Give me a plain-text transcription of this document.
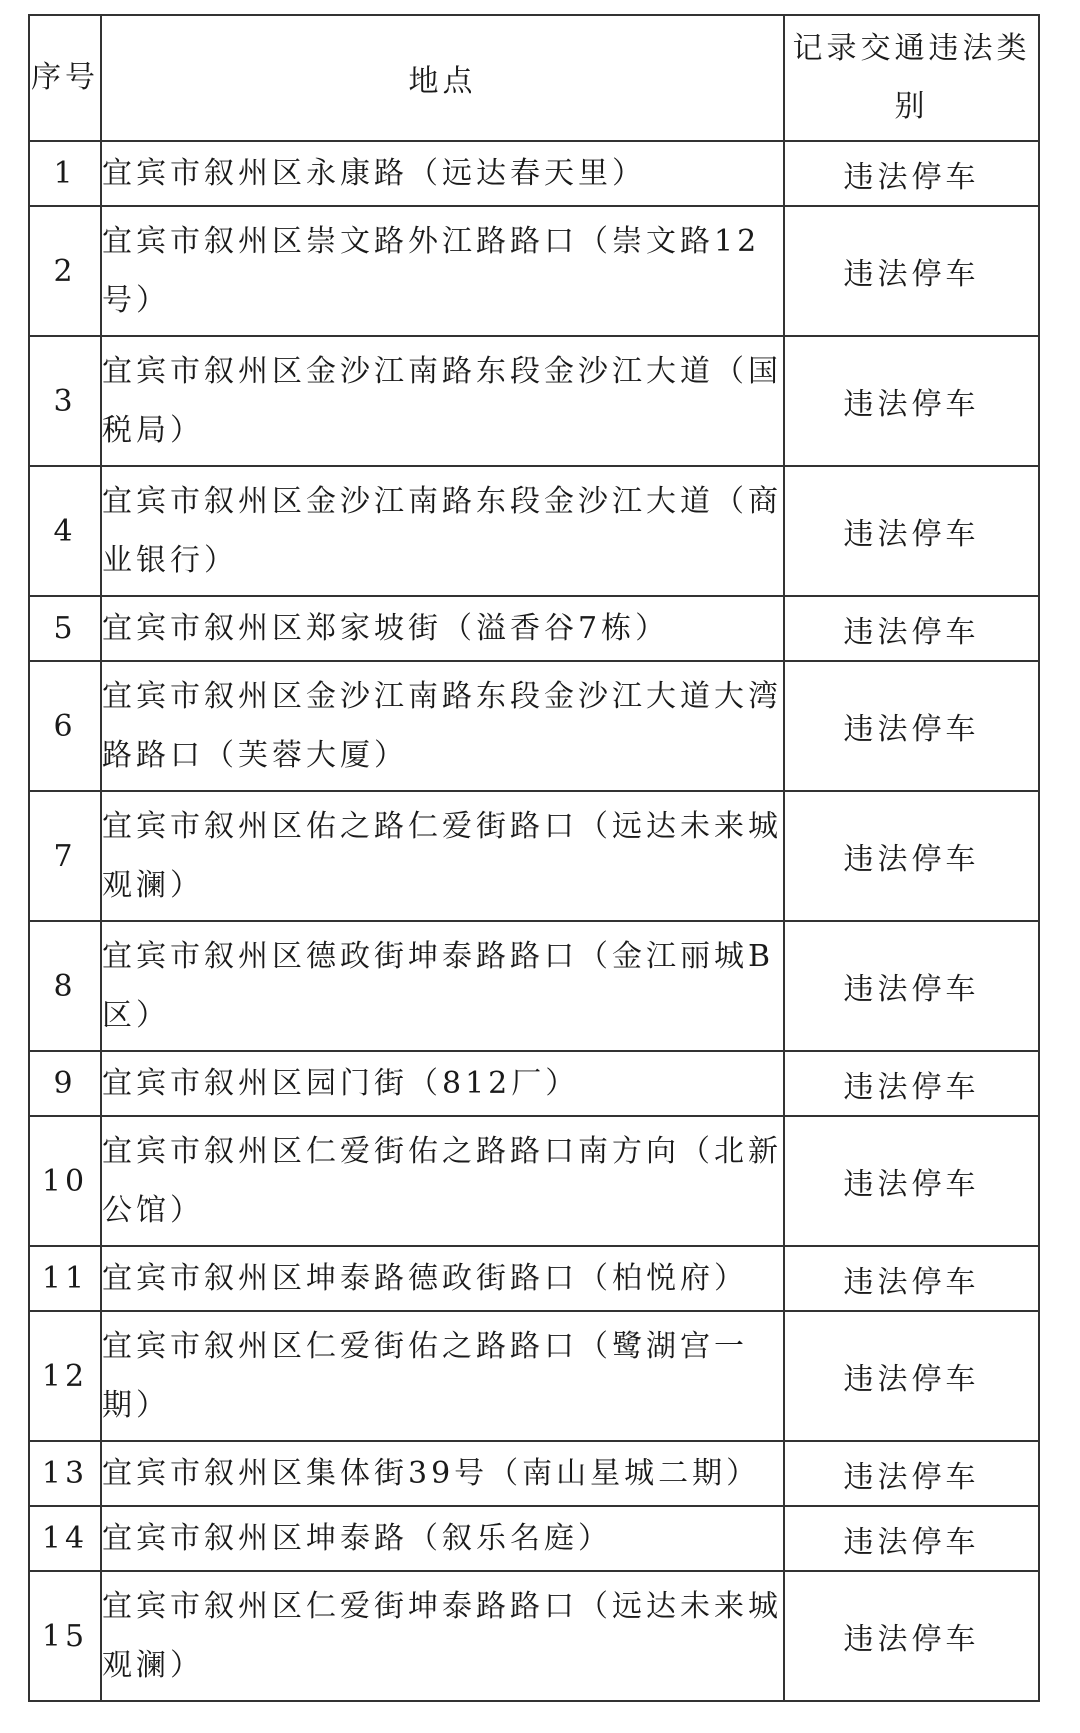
序号	地点	记录交通违法类别
1	宜宾市叙州区永康路（远达春天里）	违法停车
2	宜宾市叙州区崇文路外江路路口（崇文路12号）	违法停车
3	宜宾市叙州区金沙江南路东段金沙江大道（国税局）	违法停车
4	宜宾市叙州区金沙江南路东段金沙江大道（商业银行）	违法停车
5	宜宾市叙州区郑家坡街（溢香谷7栋）	违法停车
6	宜宾市叙州区金沙江南路东段金沙江大道大湾路路口（芙蓉大厦）	违法停车
7	宜宾市叙州区佑之路仁爱街路口（远达未来城观澜）	违法停车
8	宜宾市叙州区德政街坤泰路路口（金江丽城B区）	违法停车
9	宜宾市叙州区园门街（812厂）	违法停车
10	宜宾市叙州区仁爱街佑之路路口南方向（北新公馆）	违法停车
11	宜宾市叙州区坤泰路德政街路口（柏悦府）	违法停车
12	宜宾市叙州区仁爱街佑之路路口（鹭湖宫一期）	违法停车
13	宜宾市叙州区集体街39号（南山星城二期）	违法停车
14	宜宾市叙州区坤泰路（叙乐名庭）	违法停车
15	宜宾市叙州区仁爱街坤泰路路口（远达未来城观澜）	违法停车
